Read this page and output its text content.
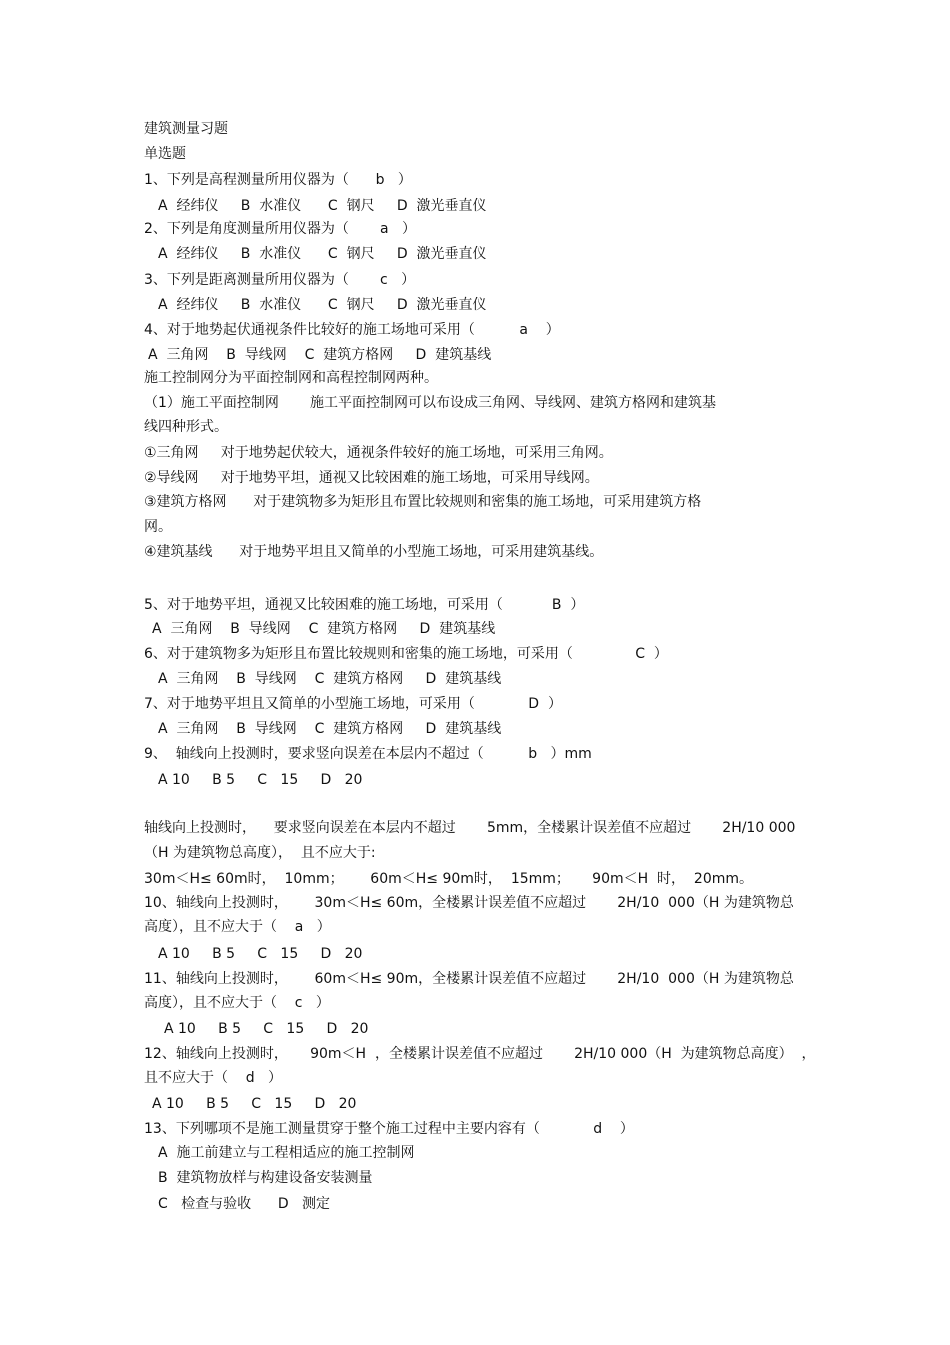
建筑测量习题
单选题
1、下列是高程测量所用仪器为（      b   ）
A  经纬仪     B  水准仪      C  钢尺     D  激光垂直仪
2、下列是角度测量所用仪器为（       a   ）
A  经纬仪     B  水准仪      C  钢尺     D  激光垂直仪
3、下列是距离测量所用仪器为（       c   ）
A  经纬仪     B  水准仪      C  钢尺     D  激光垂直仪
4、对于地势起伏通视条件比较好的施工场地可采用（          a    ）
A  三角网    B  导线网    C  建筑方格网     D  建筑基线
施工控制网分为平面控制网和高程控制网两种。
（1）施工平面控制网       施工平面控制网可以布设成三角网、导线网、建筑方格网和建筑基
线四种形式。
①三角网     对于地势起伏较大，通视条件较好的施工场地，可采用三角网。
②导线网     对于地势平坦，通视又比较困难的施工场地，可采用导线网。
③建筑方格网      对于建筑物多为矩形且布置比较规则和密集的施工场地，可采用建筑方格
网。
④建筑基线      对于地势平坦且又简单的小型施工场地，可采用建筑基线。
5、对于地势平坦，通视又比较困难的施工场地，可采用（           B  ）
A  三角网    B  导线网    C  建筑方格网     D  建筑基线
6、对于建筑物多为矩形且布置比较规则和密集的施工场地，可采用（              C  ）
A  三角网    B  导线网    C  建筑方格网     D  建筑基线
7、对于地势平坦且又简单的小型施工场地，可采用（            D  ）
A  三角网    B  导线网    C  建筑方格网     D  建筑基线
9、  轴线向上投测时，要求竖向误差在本层内不超过（          b   ）mm
A 10     B 5     C   15     D   20
轴线向上投测时，    要求竖向误差在本层内不超过       5mm，全楼累计误差值不应超过       2H/10 000
（H 为建筑物总高度），  且不应大于:
30m＜H≤ 60m时，  10mm；      60m＜H≤ 90m时，  15mm；     90m＜H  时，  20mm。
10、轴线向上投测时，      30m＜H≤ 60m，全楼累计误差值不应超过       2H/10  000（H 为建筑物总
高度），且不应大于（    a   ）
A 10     B 5     C   15     D   20
11、轴线向上投测时，      60m＜H≤ 90m，全楼累计误差值不应超过       2H/10  000（H 为建筑物总
高度），且不应大于（    c   ）
A 10     B 5     C   15     D   20
12、轴线向上投测时，     90m＜H  ，全楼累计误差值不应超过       2H/10 000（H  为建筑物总高度）  ，
且不应大于（    d   ）
A 10     B 5     C   15     D   20
13、下列哪项不是施工测量贯穿于整个施工过程中主要内容有（            d    ）
A  施工前建立与工程相适应的施工控制网
B  建筑物放样与构建设备安装测量
C   检查与验收      D   测定
